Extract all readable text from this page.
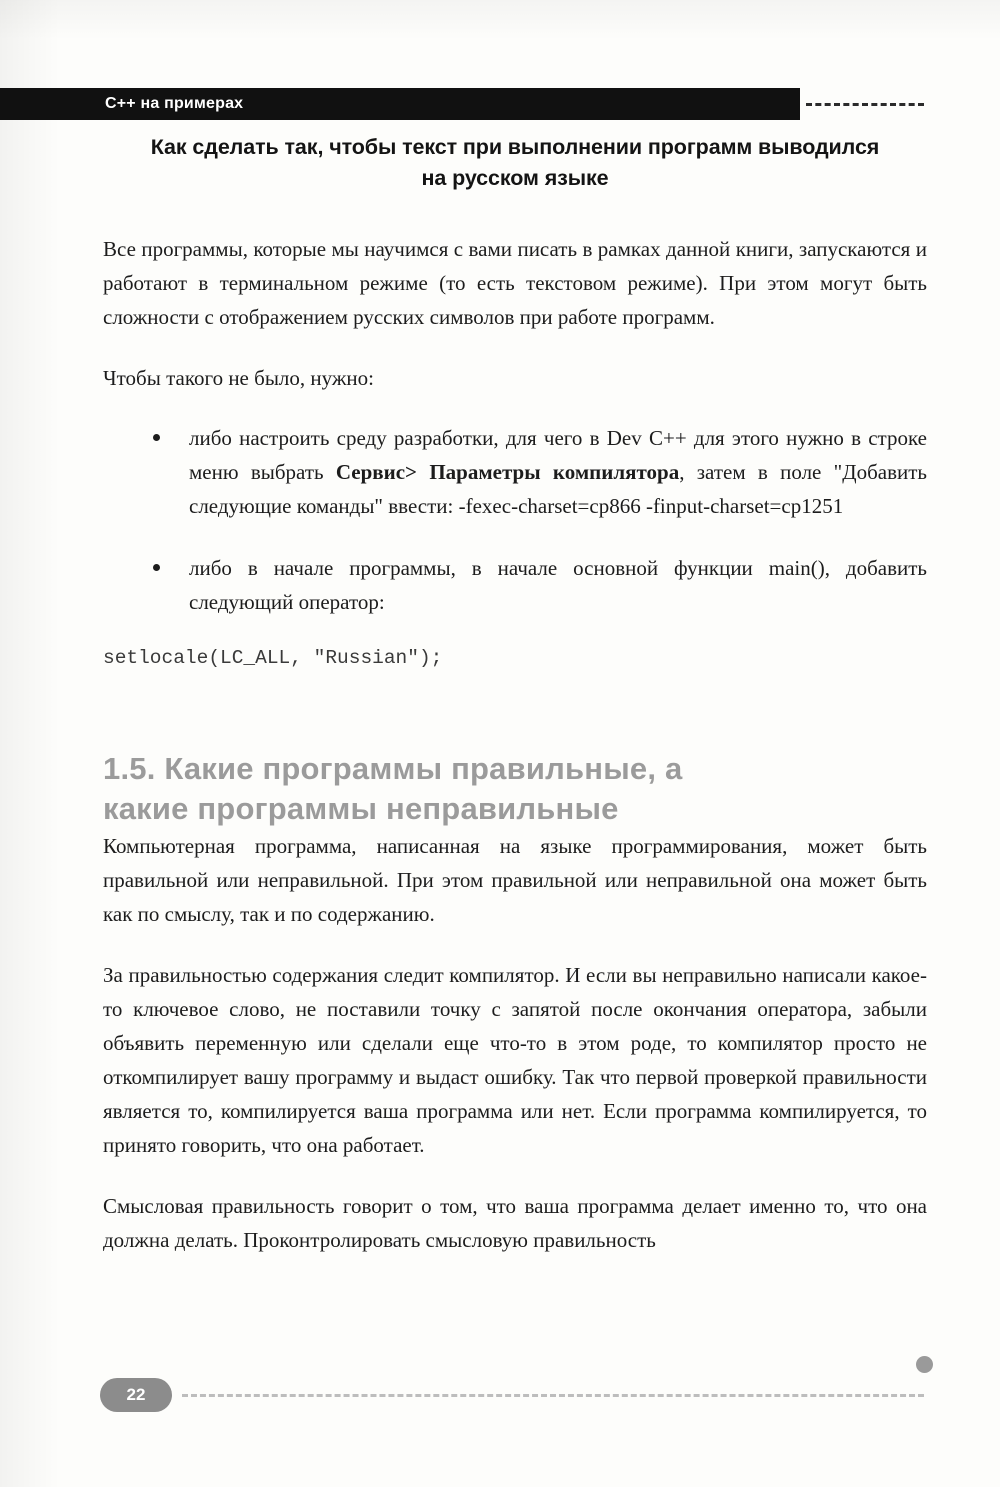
C++ на примерах
Как сделать так, чтобы текст при выполнении программ выводился
на русском языке

Все программы, которые мы научимся с вами писать в рамках данной книги, запускаются и работают в терминальном режиме (то есть текстовом режиме). При этом могут быть сложности с отображением русских символов при работе программ.

Чтобы такого не было, нужно:

либо настроить среду разработки, для чего в Dev C++ для этого нужно в строке меню выбрать Сервис> Параметры компилятора, затем в поле "Добавить следующие команды" ввести: -fexec-charset=cp866 -finput-charset=cp1251
либо в начале программы, в начале основной функции main(), добавить следующий оператор:
setlocale(LC_ALL, "Russian");
1.5. Какие программы правильные, а
какие программы неправильные

Компьютерная программа, написанная на языке программирования, может быть правильной или неправильной. При этом правильной или неправильной она может быть как по смыслу, так и по содержанию.

За правильностью содержания следит компилятор. И если вы неправильно написали какое-то ключевое слово, не поставили точку с запятой после окончания оператора, забыли объявить переменную или сделали еще что-то в этом роде, то компилятор просто не откомпилирует вашу программу и выдаст ошибку. Так что первой проверкой правильности является то, компилируется ваша программа или нет. Если программа компилируется, то принято говорить, что она работает.

Смысловая правильность говорит о том, что ваша программа делает именно то, что она должна делать. Проконтролировать смысловую правильность

22
